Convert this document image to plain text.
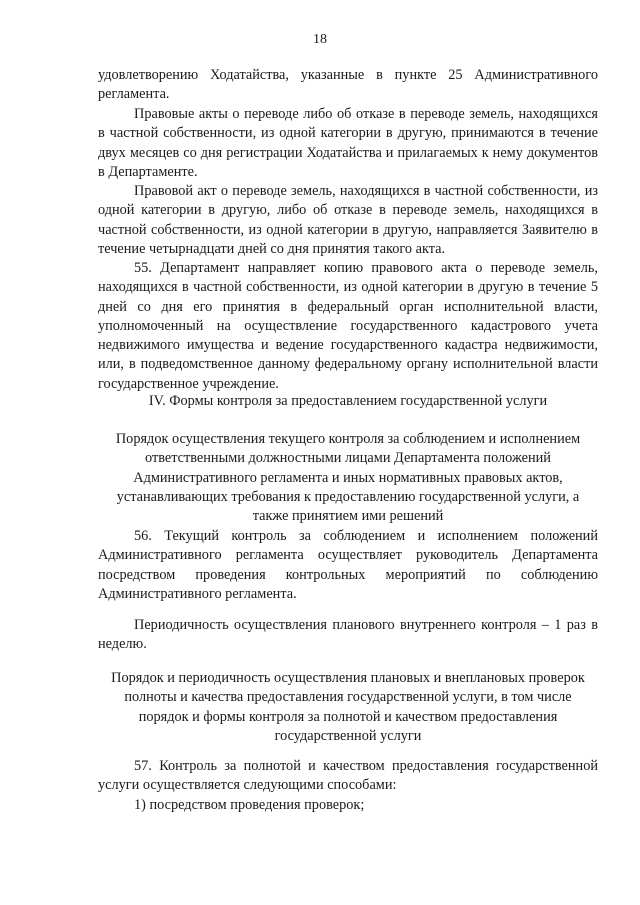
18

удовлетворению Ходатайства, указанные в пункте 25 Административного регламента.

Правовые акты о переводе либо об отказе в переводе земель, находящихся в частной собственности, из одной категории в другую, принимаются в течение двух месяцев со дня регистрации Ходатайства и прилагаемых к нему документов в Департаменте.

Правовой акт о переводе земель, находящихся в частной собственности, из одной категории в другую, либо об отказе в переводе земель, находящихся в частной собственности, из одной категории в другую, направляется Заявителю в течение четырнадцати дней со дня принятия такого акта.

55. Департамент направляет копию правового акта о переводе земель, находящихся в частной собственности, из одной категории в другую в течение 5 дней со дня его принятия в федеральный орган исполнительной власти, уполномоченный на осуществление государственного кадастрового учета недвижимого имущества и ведение государственного кадастра недвижимости, или, в подведомственное данному федеральному органу исполнительной власти государственное учреждение.

IV. Формы контроля за предоставлением государственной услуги

Порядок осуществления текущего контроля за соблюдением и исполнением ответственными должностными лицами Департамента положений Административного регламента и иных нормативных правовых актов, устанавливающих требования к предоставлению государственной услуги, а также принятием ими решений

56. Текущий контроль за соблюдением и исполнением положений Административного регламента осуществляет руководитель Департамента посредством проведения контрольных мероприятий по соблюдению Административного регламента.

Периодичность осуществления планового внутреннего контроля – 1 раз в неделю.

Порядок и периодичность осуществления плановых и внеплановых проверок полноты и качества предоставления государственной услуги, в том числе порядок и формы контроля за полнотой и качеством предоставления государственной услуги

57. Контроль за полнотой и качеством предоставления государственной услуги осуществляется следующими способами:

1) посредством проведения проверок;
